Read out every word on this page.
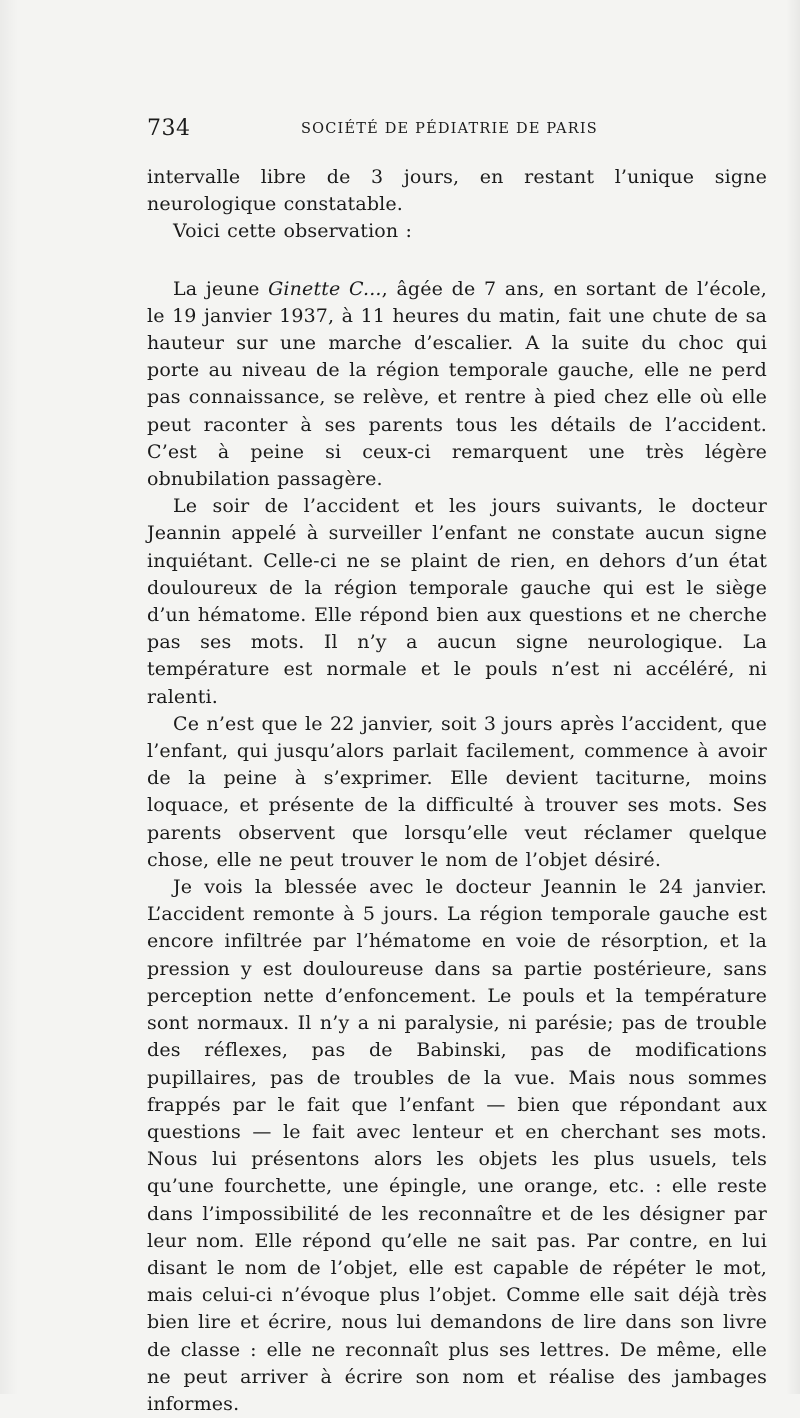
734	SOCIÉTÉ DE PÉDIATRIE DE PARIS

intervalle libre de 3 jours, en restant l’unique signe neurologique constatable.

Voici cette observation :

La jeune Ginette C..., âgée de 7 ans, en sortant de l’école, le 19 janvier 1937, à 11 heures du matin, fait une chute de sa hauteur sur une marche d’escalier. A la suite du choc qui porte au niveau de la région temporale gauche, elle ne perd pas connaissance, se relève, et rentre à pied chez elle où elle peut raconter à ses parents tous les détails de l’accident. C’est à peine si ceux-ci remarquent une très légère obnubilation passagère.

Le soir de l’accident et les jours suivants, le docteur Jeannin appelé à surveiller l’enfant ne constate aucun signe inquiétant. Celle-ci ne se plaint de rien, en dehors d’un état douloureux de la région temporale gauche qui est le siège d’un hématome. Elle répond bien aux questions et ne cherche pas ses mots. Il n’y a aucun signe neurologique. La température est normale et le pouls n’est ni accéléré, ni ralenti.

Ce n’est que le 22 janvier, soit 3 jours après l’accident, que l’enfant, qui jusqu’alors parlait facilement, commence à avoir de la peine à s’exprimer. Elle devient taciturne, moins loquace, et présente de la difficulté à trouver ses mots. Ses parents observent que lorsqu’elle veut réclamer quelque chose, elle ne peut trouver le nom de l’objet désiré.

Je vois la blessée avec le docteur Jeannin le 24 janvier. L’accident remonte à 5 jours. La région temporale gauche est encore infiltrée par l’hématome en voie de résorption, et la pression y est douloureuse dans sa partie postérieure, sans perception nette d’enfoncement. Le pouls et la température sont normaux. Il n’y a ni paralysie, ni parésie; pas de trouble des réflexes, pas de Babinski, pas de modifications pupillaires, pas de troubles de la vue. Mais nous sommes frappés par le fait que l’enfant — bien que répondant aux questions — le fait avec lenteur et en cherchant ses mots. Nous lui présentons alors les objets les plus usuels, tels qu’une fourchette, une épingle, une orange, etc. : elle reste dans l’impossibilité de les reconnaître et de les désigner par leur nom. Elle répond qu’elle ne sait pas. Par contre, en lui disant le nom de l’objet, elle est capable de répéter le mot, mais celui-ci n’évoque plus l’objet. Comme elle sait déjà très bien lire et écrire, nous lui demandons de lire dans son livre de classe : elle ne reconnaît plus ses lettres. De même, elle ne peut arriver à écrire son nom et réalise des jambages informes.
